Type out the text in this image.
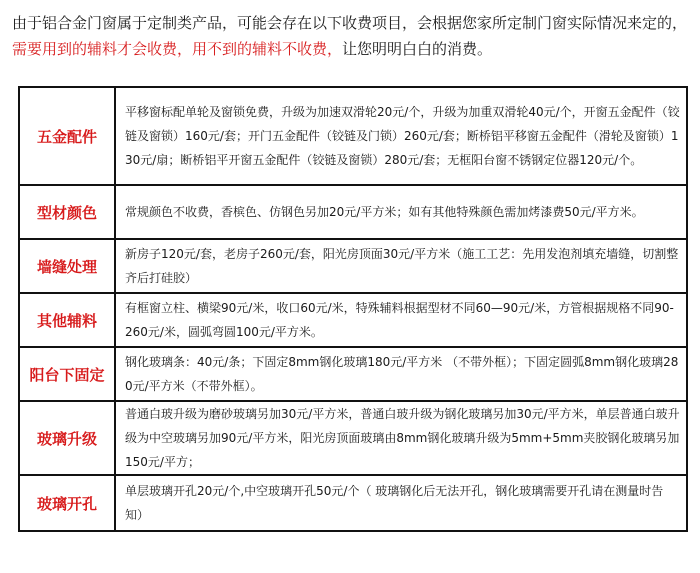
由于铝合金门窗属于定制类产品，可能会存在以下收费项目，会根据您家所定制门窗实际情况来定的，需要用到的辅料才会收费，用不到的辅料不收费，让您明明白白的消费。

五金配件	平移窗标配单轮及窗锁免费，升级为加速双滑轮20元/个，升级为加重双滑轮40元/个，开窗五金配件（铰链及窗锁）160元/套；开门五金配件（铰链及门锁）260元/套；断桥铝平移窗五金配件（滑轮及窗锁）130元/扇；断桥铝平开窗五金配件（铰链及窗锁）280元/套；无框阳台窗不锈钢定位器120元/个。
型材颜色	常规颜色不收费，香槟色、仿钢色另加20元/平方米；如有其他特殊颜色需加烤漆费50元/平方米。
墙缝处理	新房子120元/套，老房子260元/套，阳光房顶面30元/平方米（施工工艺：先用发泡剂填充墙缝，切割整齐后打硅胶）
其他辅料	有框窗立柱、横梁90元/米，收口60元/米，特殊辅料根据型材不同60—90元/米，方管根据规格不同90-260元/米，圆弧弯圆100元/平方米。
阳台下固定	钢化玻璃条：40元/条；下固定8mm钢化玻璃180元/平方米 （不带外框）；下固定圆弧8mm钢化玻璃280元/平方米（不带外框）。
玻璃升级	普通白玻升级为磨砂玻璃另加30元/平方米，普通白玻升级为钢化玻璃另加30元/平方米，单层普通白玻升级为中空玻璃另加90元/平方米，阳光房顶面玻璃由8mm钢化玻璃升级为5mm+5mm夹胶钢化玻璃另加150元/平方；
玻璃开孔	单层玻璃开孔20元/个,中空玻璃开孔50元/个（ 玻璃钢化后无法开孔，钢化玻璃需要开孔请在测量时告知）
